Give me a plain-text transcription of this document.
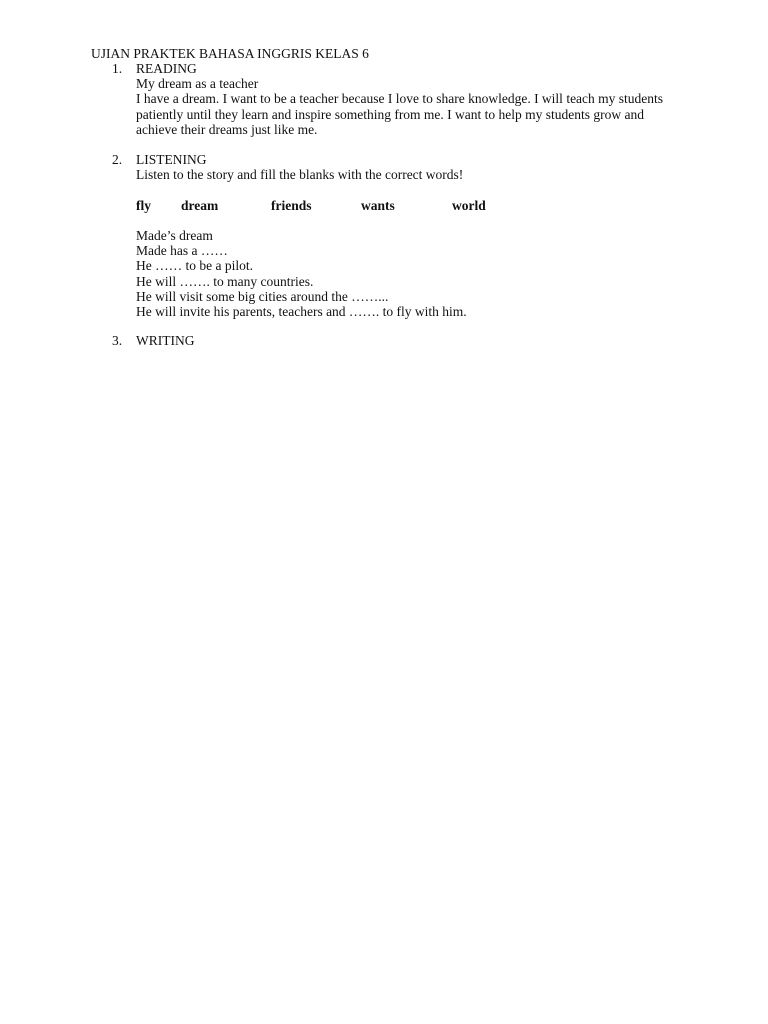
UJIAN PRAKTEK BAHASA INGGRIS KELAS 6
1. READING
My dream as a teacher
I have a dream. I want to be a teacher because I love to share knowledge. I will teach my students patiently until they learn and inspire something from me. I want to help my students grow and achieve their dreams just like me.
2. LISTENING
Listen to the story and fill the blanks with the correct words!
fly dream	friends	wants	world
Made’s dream
Made has a ……
He …… to be a pilot.
He will ……. to many countries.
He will visit some big cities around the ……...
He will invite his parents, teachers and ……. to fly with him.
3. WRITING
